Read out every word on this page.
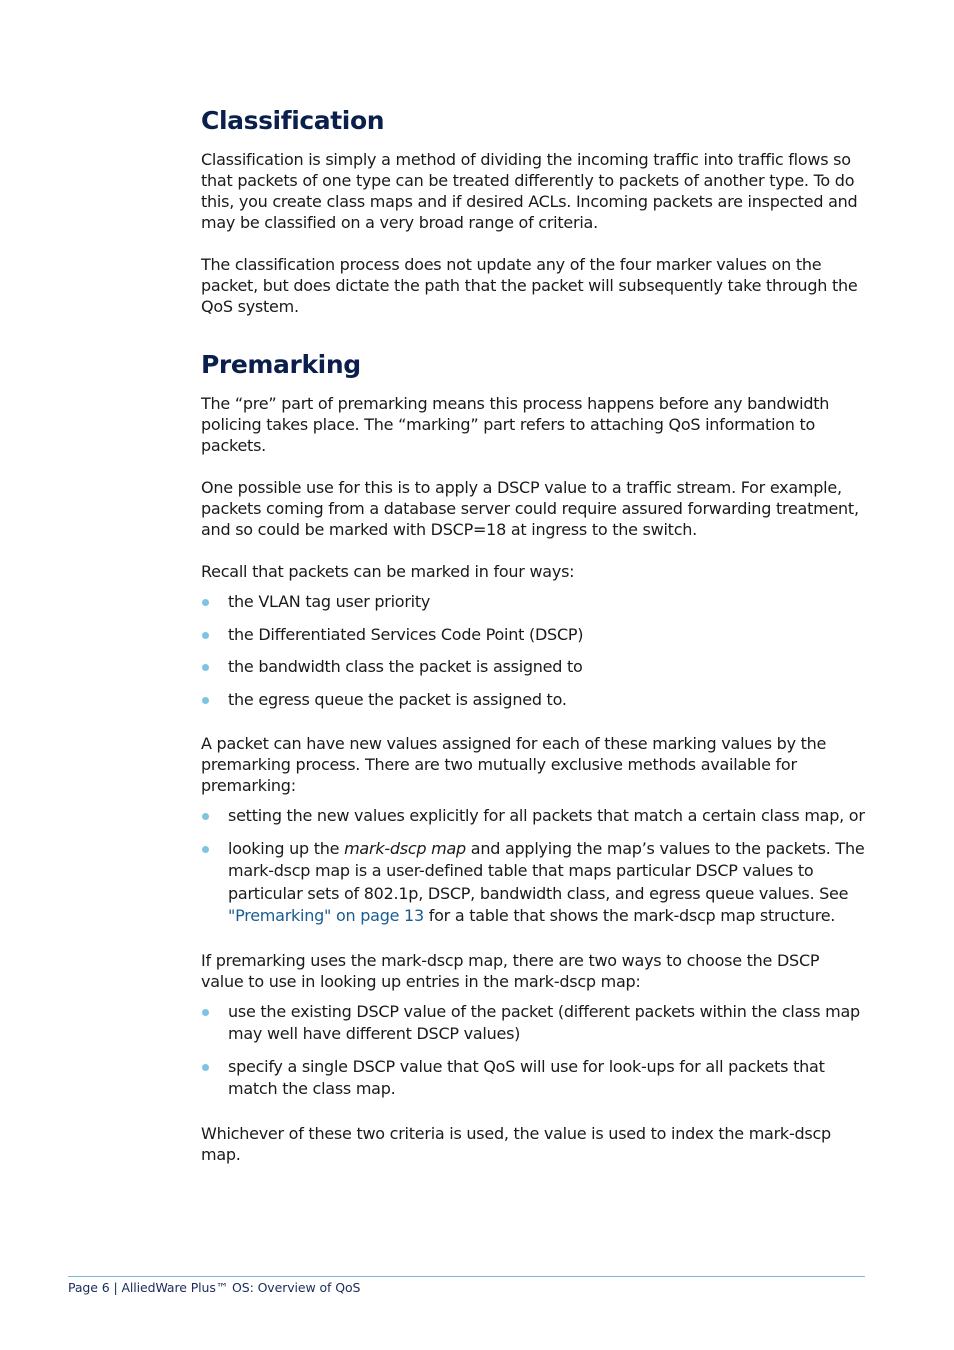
Classification

Classification is simply a method of dividing the incoming traffic into traffic flows so that packets of one type can be treated differently to packets of another type. To do this, you create class maps and if desired ACLs. Incoming packets are inspected and may be classified on a very broad range of criteria.

The classification process does not update any of the four marker values on the packet, but does dictate the path that the packet will subsequently take through the QoS system.

Premarking

The “pre” part of premarking means this process happens before any bandwidth policing takes place. The “marking” part refers to attaching QoS information to packets.

One possible use for this is to apply a DSCP value to a traffic stream. For example, packets coming from a database server could require assured forwarding treatment, and so could be marked with DSCP=18 at ingress to the switch.

Recall that packets can be marked in four ways:

the VLAN tag user priority
the Differentiated Services Code Point (DSCP)
the bandwidth class the packet is assigned to
the egress queue the packet is assigned to.

A packet can have new values assigned for each of these marking values by the premarking process. There are two mutually exclusive methods available for premarking:

setting the new values explicitly for all packets that match a certain class map, or
looking up the mark-dscp map and applying the map’s values to the packets. The mark-dscp map is a user-defined table that maps particular DSCP values to particular sets of 802.1p, DSCP, bandwidth class, and egress queue values. See "Premarking" on page 13 for a table that shows the mark-dscp map structure.

If premarking uses the mark-dscp map, there are two ways to choose the DSCP value to use in looking up entries in the mark-dscp map:

use the existing DSCP value of the packet (different packets within the class map may well have different DSCP values)
specify a single DSCP value that QoS will use for look-ups for all packets that match the class map.

Whichever of these two criteria is used, the value is used to index the mark-dscp map.

Page 6 | AlliedWare Plus™ OS: Overview of QoS
